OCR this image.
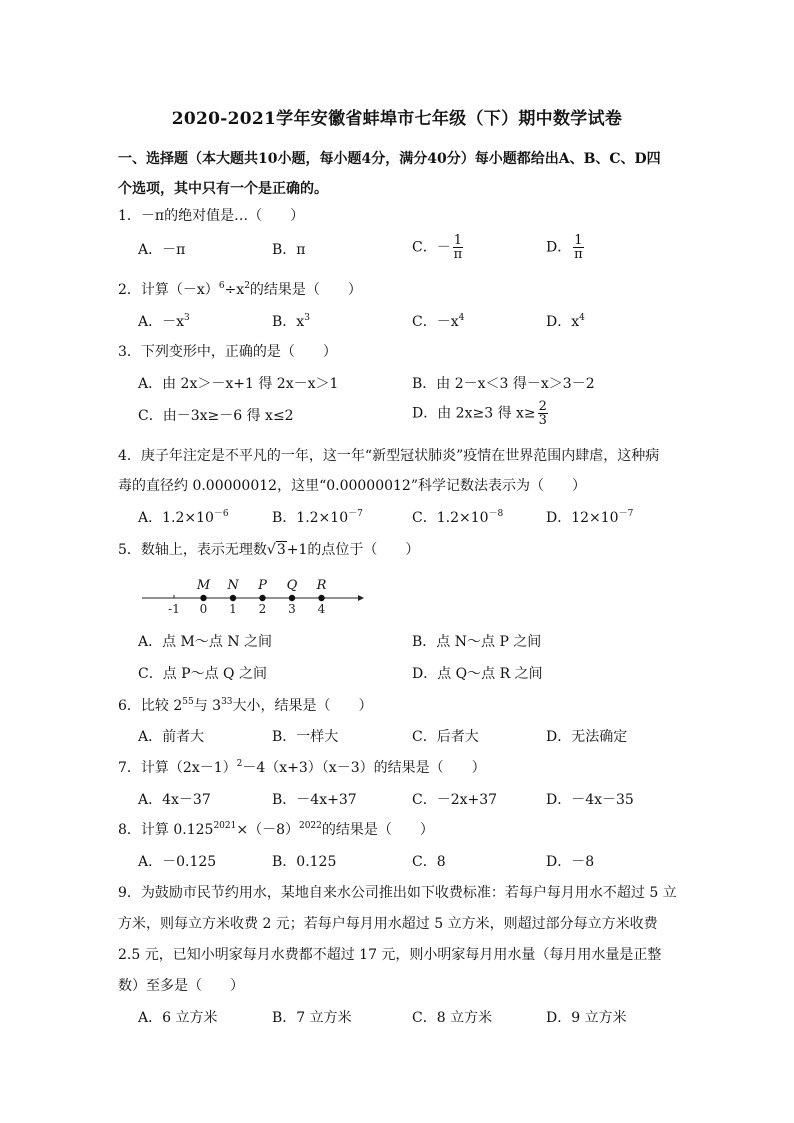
2020-2021学年安徽省蚌埠市七年级（下）期中数学试卷
一、选择题（本大题共10小题，每小题4分，满分40分）每小题都给出A、B、C、D四
个选项，其中只有一个是正确的。
1．－π的绝对值是…（　　）
A．－π	B．π	C．－ $\frac{1}{\pi}$	D． $\frac{1}{\pi}$
2．计算$(-x)^6\div x^2$的结果是（　　）
A．$-x^3$	B．$x^3$	C．$-x^4$	D．$x^4$
3．下列变形中，正确的是（　　）
A．由 2x＞－x+1 得 2x－x＞1	B．由 2－x＜3 得－x＞3－2
C．由－3x≥－6 得 x≤2	D．由 2x≥3 得 $x\ge \frac{2}{3}$
4．庚子年注定是不平凡的一年，这一年“新型冠状肺炎”疫情在世界范围内肆虐，这种病
毒的直径约 0.00000012，这里“0.00000012”科学记数法表示为（　　）
A．$1.2\times 10^{-6}$	B．$1.2\times 10^{-7}$	C．$1.2\times 10^{-8}$	D．$12\times 10^{-7}$
5．数轴上，表示无理数√3+1的点位于（　　）
-1 0 1 2 3 4
M N P Q R
A．点 M～点 N 之间	B．点 N～点 P 之间
C．点 P～点 Q 之间	D．点 Q～点 R 之间
6．比较 $2^{55}$与 $3^{33}$大小，结果是（　　）
A．前者大	B．一样大	C．后者大	D．无法确定
7．计算$(2x-1)^2-4(x+3)(x-3)$的结果是（　　）
A．4x－37	B．－4x+37	C．－2x+37	D．－4x－35
8．计算 $0.125^{2021}\times(-8)^{2022}$的结果是（　　）
A．－0.125	B．0.125	C．8	D．－8
9．为鼓励市民节约用水，某地自来水公司推出如下收费标准：若每户每月用水不超过 5 立
方米，则每立方米收费 2 元；若每户每月用水超过 5 立方米，则超过部分每立方米收费
2.5 元，已知小明家每月水费都不超过 17 元，则小明家每月用水量（每月用水量是正整
数）至多是（　　）
A．6 立方米	B．7 立方米	C．8 立方米	D．9 立方米
